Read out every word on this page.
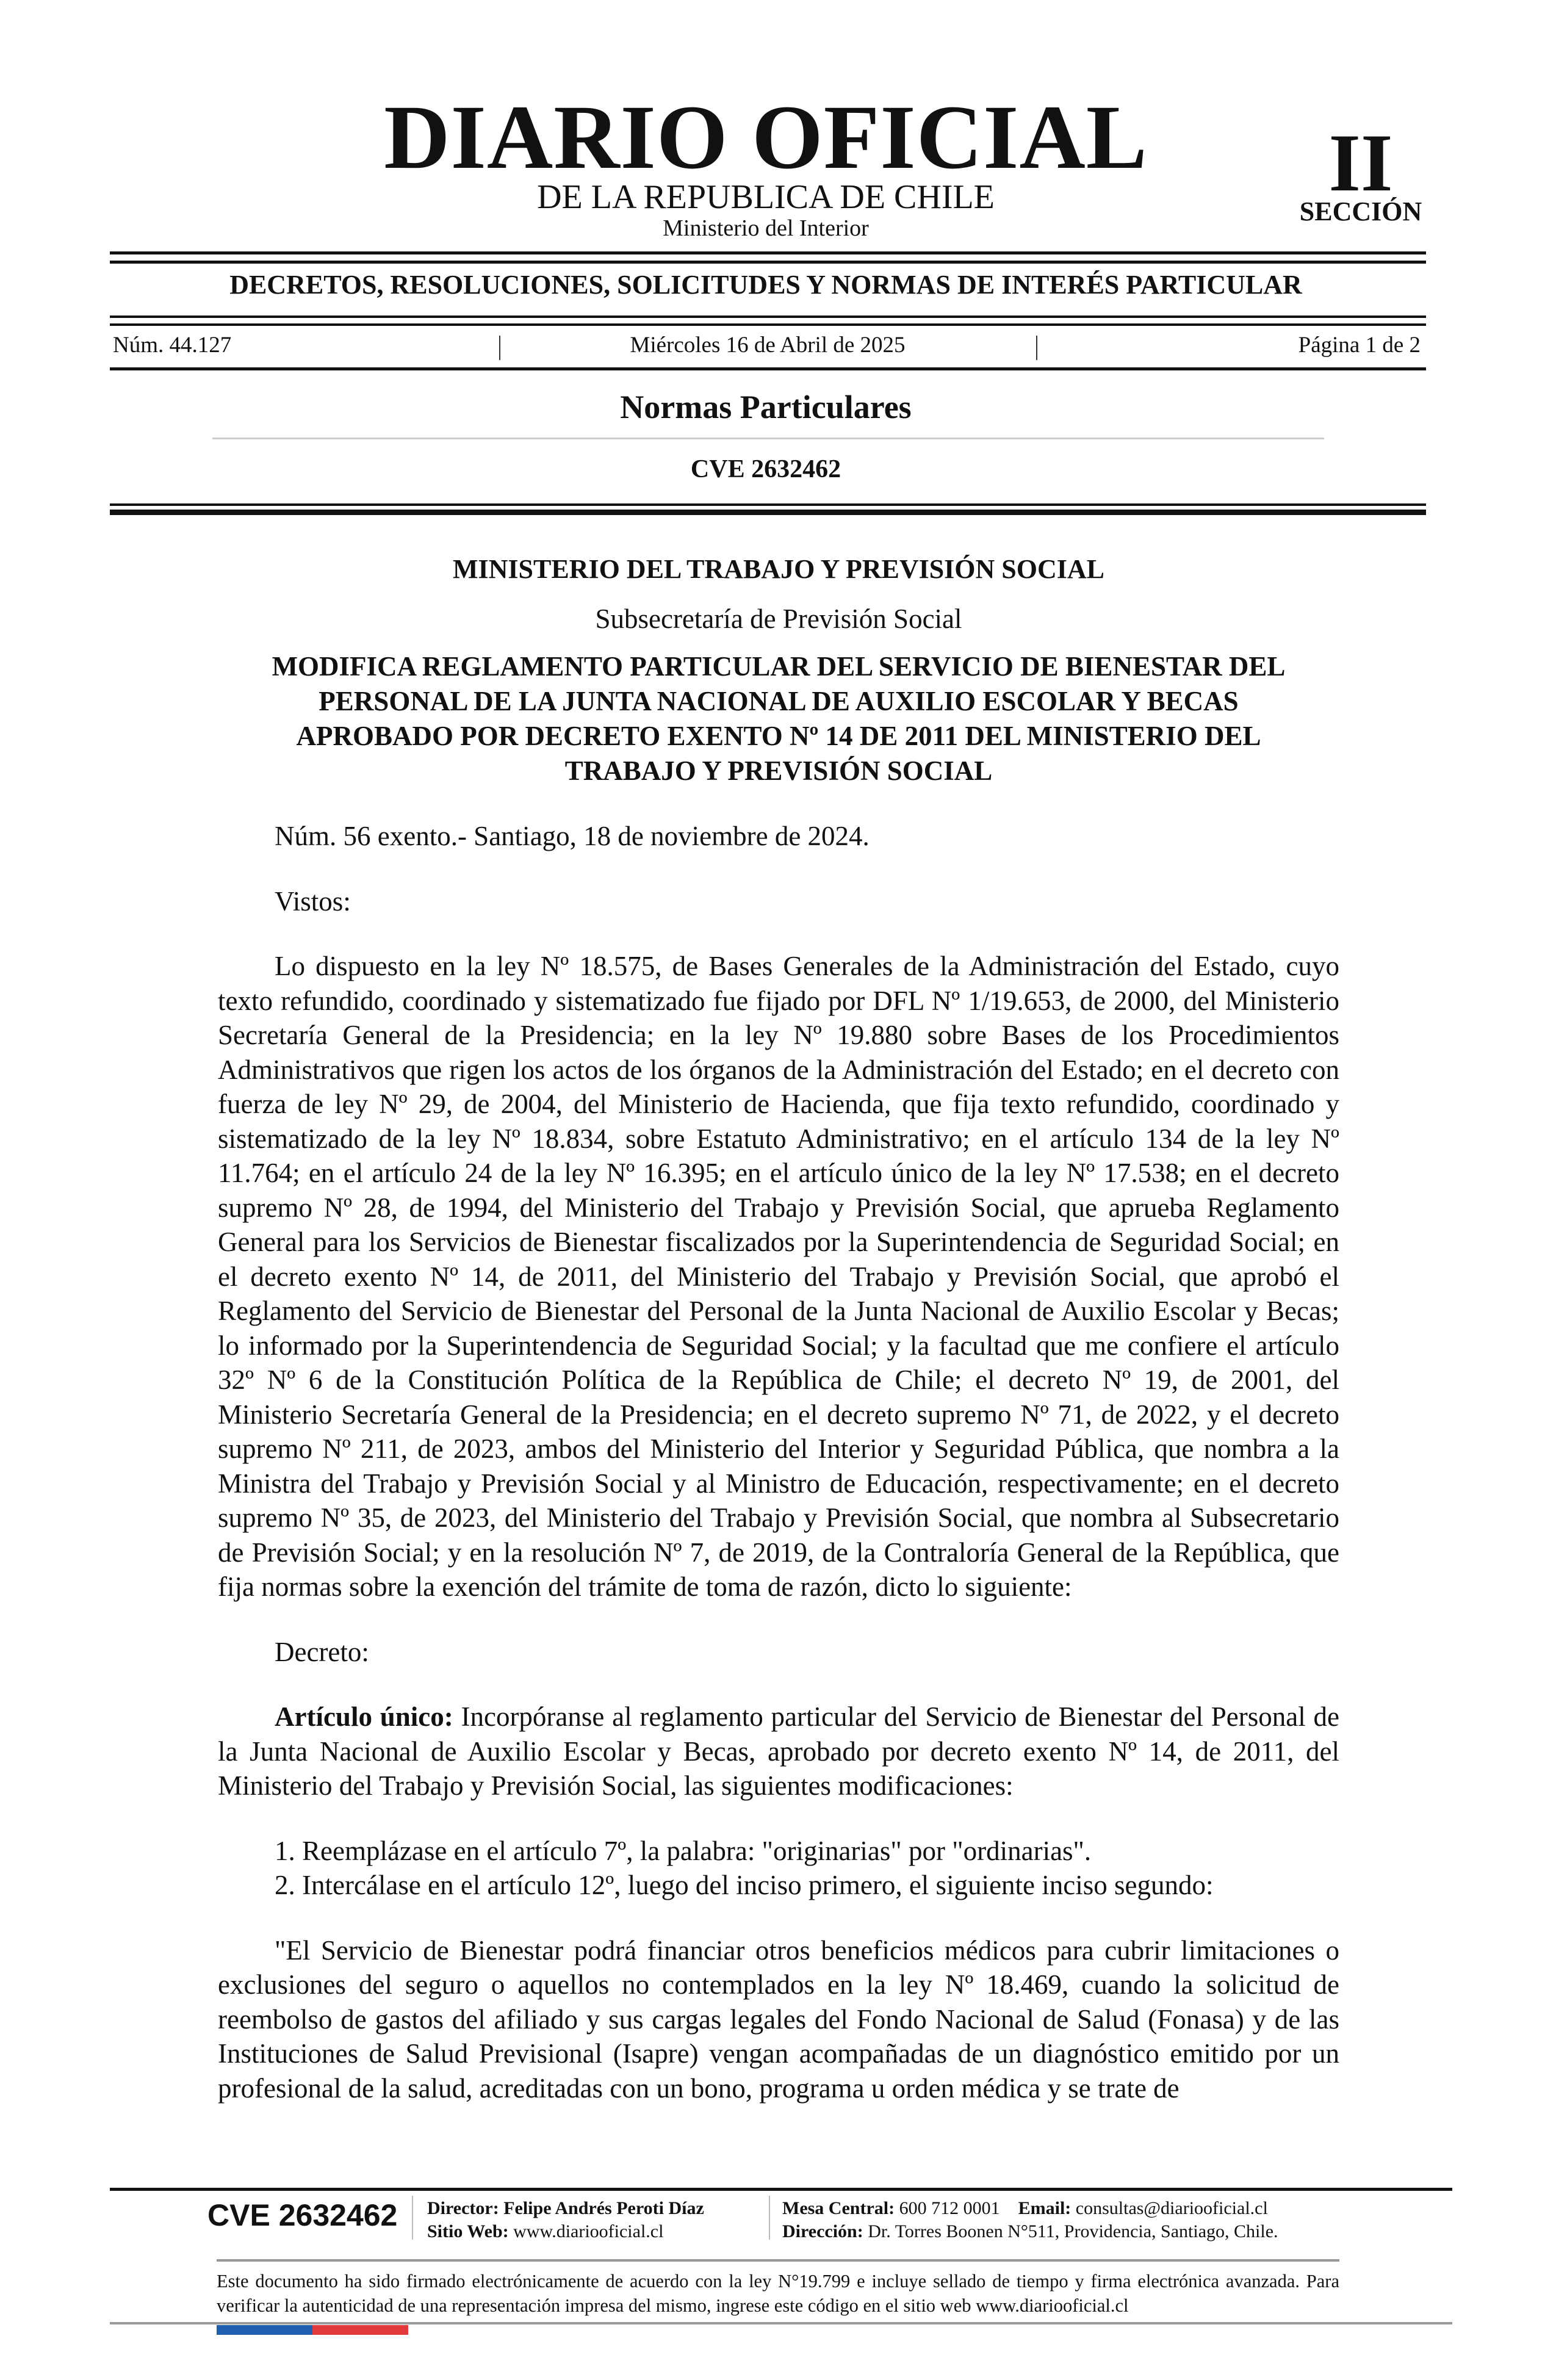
DIARIO OFICIAL
DE LA REPUBLICA DE CHILE
Ministerio del Interior
II
SECCIÓN
DECRETOS, RESOLUCIONES, SOLICITUDES Y NORMAS DE INTERÉS PARTICULAR
Núm. 44.127	Miércoles 16 de Abril de 2025	Página 1 de 2
Normas Particulares
CVE 2632462

MINISTERIO DEL TRABAJO Y PREVISIÓN SOCIAL

Subsecretaría de Previsión Social

MODIFICA REGLAMENTO PARTICULAR DEL SERVICIO DE BIENESTAR DEL PERSONAL DE LA JUNTA NACIONAL DE AUXILIO ESCOLAR Y BECAS APROBADO POR DECRETO EXENTO Nº 14 DE 2011 DEL MINISTERIO DEL TRABAJO Y PREVISIÓN SOCIAL

Núm. 56 exento.- Santiago, 18 de noviembre de 2024.

Vistos:

Lo dispuesto en la ley Nº 18.575, de Bases Generales de la Administración del Estado, cuyo texto refundido, coordinado y sistematizado fue fijado por DFL Nº 1/19.653, de 2000, del Ministerio Secretaría General de la Presidencia; en la ley Nº 19.880 sobre Bases de los Procedimientos Administrativos que rigen los actos de los órganos de la Administración del Estado; en el decreto con fuerza de ley Nº 29, de 2004, del Ministerio de Hacienda, que fija texto refundido, coordinado y sistematizado de la ley Nº 18.834, sobre Estatuto Administrativo; en el artículo 134 de la ley Nº 11.764; en el artículo 24 de la ley Nº 16.395; en el artículo único de la ley Nº 17.538; en el decreto supremo Nº 28, de 1994, del Ministerio del Trabajo y Previsión Social, que aprueba Reglamento General para los Servicios de Bienestar fiscalizados por la Superintendencia de Seguridad Social; en el decreto exento Nº 14, de 2011, del Ministerio del Trabajo y Previsión Social, que aprobó el Reglamento del Servicio de Bienestar del Personal de la Junta Nacional de Auxilio Escolar y Becas; lo informado por la Superintendencia de Seguridad Social; y la facultad que me confiere el artículo 32º Nº 6 de la Constitución Política de la República de Chile; el decreto Nº 19, de 2001, del Ministerio Secretaría General de la Presidencia; en el decreto supremo Nº 71, de 2022, y el decreto supremo Nº 211, de 2023, ambos del Ministerio del Interior y Seguridad Pública, que nombra a la Ministra del Trabajo y Previsión Social y al Ministro de Educación, respectivamente; en el decreto supremo Nº 35, de 2023, del Ministerio del Trabajo y Previsión Social, que nombra al Subsecretario de Previsión Social; y en la resolución Nº 7, de 2019, de la Contraloría General de la República, que fija normas sobre la exención del trámite de toma de razón, dicto lo siguiente:

Decreto:

Artículo único: Incorpóranse al reglamento particular del Servicio de Bienestar del Personal de la Junta Nacional de Auxilio Escolar y Becas, aprobado por decreto exento Nº 14, de 2011, del Ministerio del Trabajo y Previsión Social, las siguientes modificaciones:

1. Reemplázase en el artículo 7º, la palabra: "originarias" por "ordinarias".

2. Intercálase en el artículo 12º, luego del inciso primero, el siguiente inciso segundo:

"El Servicio de Bienestar podrá financiar otros beneficios médicos para cubrir limitaciones o exclusiones del seguro o aquellos no contemplados en la ley Nº 18.469, cuando la solicitud de reembolso de gastos del afiliado y sus cargas legales del Fondo Nacional de Salud (Fonasa) y de las Instituciones de Salud Previsional (Isapre) vengan acompañadas de un diagnóstico emitido por un profesional de la salud, acreditadas con un bono, programa u orden médica y se trate de

CVE 2632462 Director: Felipe Andrés Peroti Díaz
Sitio Web: www.diariooficial.cl
Mesa Central: 600 712 0001 Email: consultas@diariooficial.cl
Dirección: Dr. Torres Boonen N°511, Providencia, Santiago, Chile.
Este documento ha sido firmado electrónicamente de acuerdo con la ley N°19.799 e incluye sellado de tiempo y firma electrónica avanzada. Para verificar la autenticidad de una representación impresa del mismo, ingrese este código en el sitio web www.diariooficial.cl
